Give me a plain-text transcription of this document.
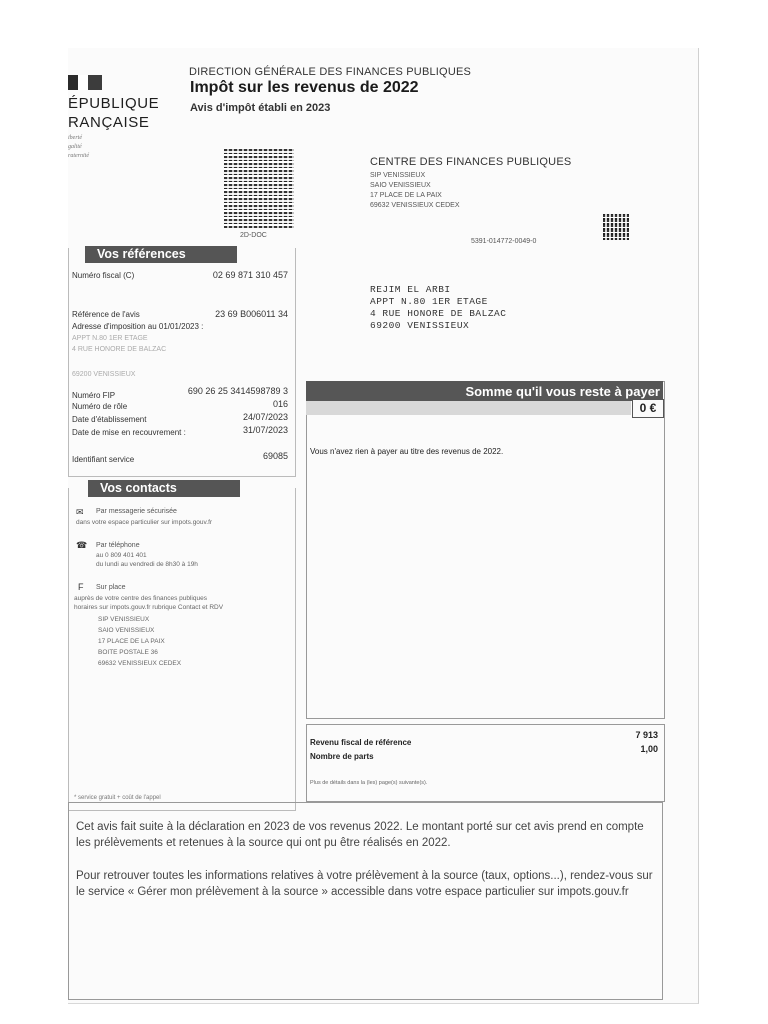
ÉPUBLIQUE
RANÇAISE
iberté
galité
raternité
DIRECTION GÉNÉRALE DES FINANCES PUBLIQUES
Impôt sur les revenus de 2022
Avis d'impôt établi en 2023
2D-DOC
CENTRE DES FINANCES PUBLIQUES
SIP VENISSIEUX
SAIO VENISSIEUX
17 PLACE DE LA PAIX
69632 VENISSIEUX CEDEX
5391-014772-0049-0
REJIM EL ARBI
APPT N.80 1ER ETAGE
4 RUE HONORE DE BALZAC
69200 VENISSIEUX
Vos références
Numéro fiscal (C)	02 69 871 310 457
Référence de l'avis	23 69 B006011 34
Adresse d'imposition au 01/01/2023 :
APPT N.80 1ER ETAGE
4 RUE HONORE DE BALZAC
69200 VENISSIEUX
Numéro FIP	690 26 25 3414598789 3
Numéro de rôle	016
Date d'établissement	24/07/2023
Date de mise en recouvrement :	31/07/2023
Identifiant service	69085
Vos contacts
✉ Par messagerie sécurisée
dans votre espace particulier sur impots.gouv.fr
☎ Par téléphone
au 0 809 401 401
du lundi au vendredi de 8h30 à 19h
F Sur place
auprès de votre centre des finances publiques
horaires sur impots.gouv.fr rubrique Contact et RDV
SIP VENISSIEUX
SAIO VENISSIEUX
17 PLACE DE LA PAIX
BOITE POSTALE 36
69632 VENISSIEUX CEDEX
* service gratuit + coût de l'appel
Somme qu'il vous reste à payer
0 €
Vous n'avez rien à payer au titre des revenus de 2022.
Revenu fiscal de référence
7 913
Nombre de parts
1,00
Plus de détails dans la (les) page(s) suivante(s).
Cet avis fait suite à la déclaration en 2023 de vos revenus 2022. Le montant porté sur cet avis prend en compte les prélèvements et retenues à la source qui ont pu être réalisés en 2022.
Pour retrouver toutes les informations relatives à votre prélèvement à la source (taux, options...), rendez-vous sur le service « Gérer mon prélèvement à la source » accessible dans votre espace particulier sur impots.gouv.fr
